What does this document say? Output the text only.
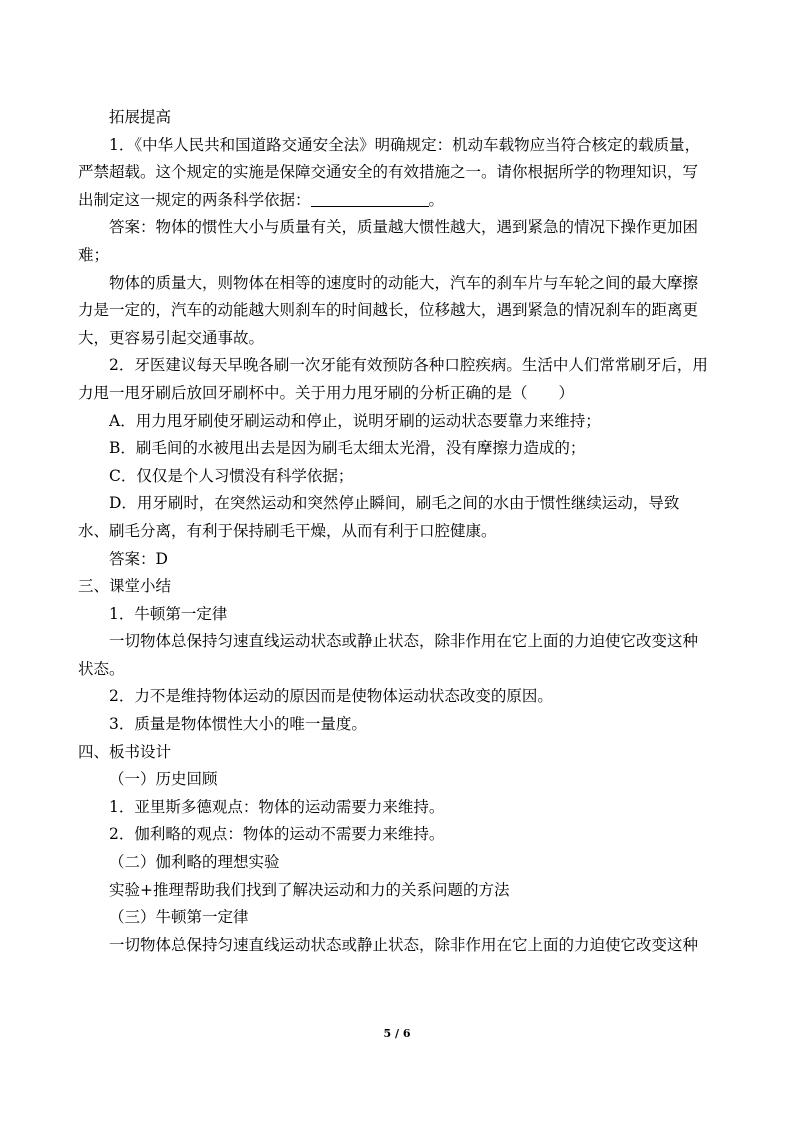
拓展提高

1．《中华人民共和国道路交通安全法》明确规定：机动车载物应当符合核定的载质量，

严禁超载。这个规定的实施是保障交通安全的有效措施之一。请你根据所学的物理知识，写

出制定这一规定的两条科学依据：	。

答案：物体的惯性大小与质量有关，质量越大惯性越大，遇到紧急的情况下操作更加困

难；

物体的质量大，则物体在相等的速度时的动能大，汽车的刹车片与车轮之间的最大摩擦

力是一定的，汽车的动能越大则刹车的时间越长，位移越大，遇到紧急的情况刹车的距离更

大，更容易引起交通事故。

2．牙医建议每天早晚各刷一次牙能有效预防各种口腔疾病。生活中人们常常刷牙后，用

力甩一甩牙刷后放回牙刷杯中。关于用力甩牙刷的分析正确的是（　　）

A．用力甩牙刷使牙刷运动和停止，说明牙刷的运动状态要靠力来维持；

B．刷毛间的水被甩出去是因为刷毛太细太光滑，没有摩擦力造成的；

C．仅仅是个人习惯没有科学依据；

D．用牙刷时，在突然运动和突然停止瞬间，刷毛之间的水由于惯性继续运动，导致

水、刷毛分离，有利于保持刷毛干燥，从而有利于口腔健康。

答案：D

三、课堂小结

1．牛顿第一定律

一切物体总保持匀速直线运动状态或静止状态，除非作用在它上面的力迫使它改变这种

状态。

2．力不是维持物体运动的原因而是使物体运动状态改变的原因。

3．质量是物体惯性大小的唯一量度。

四、板书设计

（一）历史回顾

1．亚里斯多德观点：物体的运动需要力来维持。

2．伽利略的观点：物体的运动不需要力来维持。

（二）伽利略的理想实验

实验+推理帮助我们找到了解决运动和力的关系问题的方法

（三）牛顿第一定律

一切物体总保持匀速直线运动状态或静止状态，除非作用在它上面的力迫使它改变这种

5 / 6
